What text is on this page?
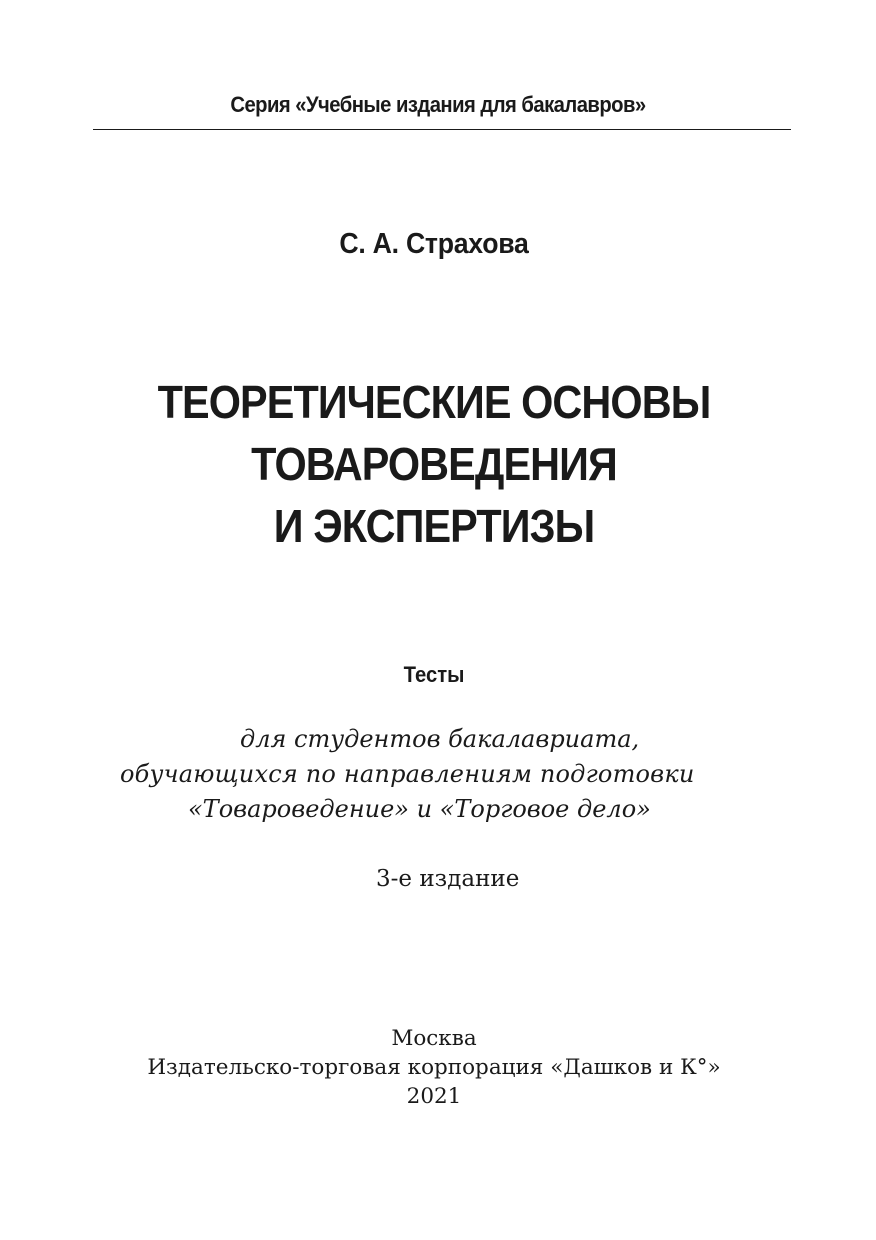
Серия «Учебные издания для бакалавров»
С. А. Страхова
ТЕОРЕТИЧЕСКИЕ ОСНОВЫ
ТОВАРОВЕДЕНИЯ
И ЭКСПЕРТИЗЫ
Тесты
для студентов бакалавриата,
обучающихся по направлениям подготовки
«Товароведение» и «Торговое дело»
3-е издание
Москва
Издательско-торговая корпорация «Дашков и К°»
2021
